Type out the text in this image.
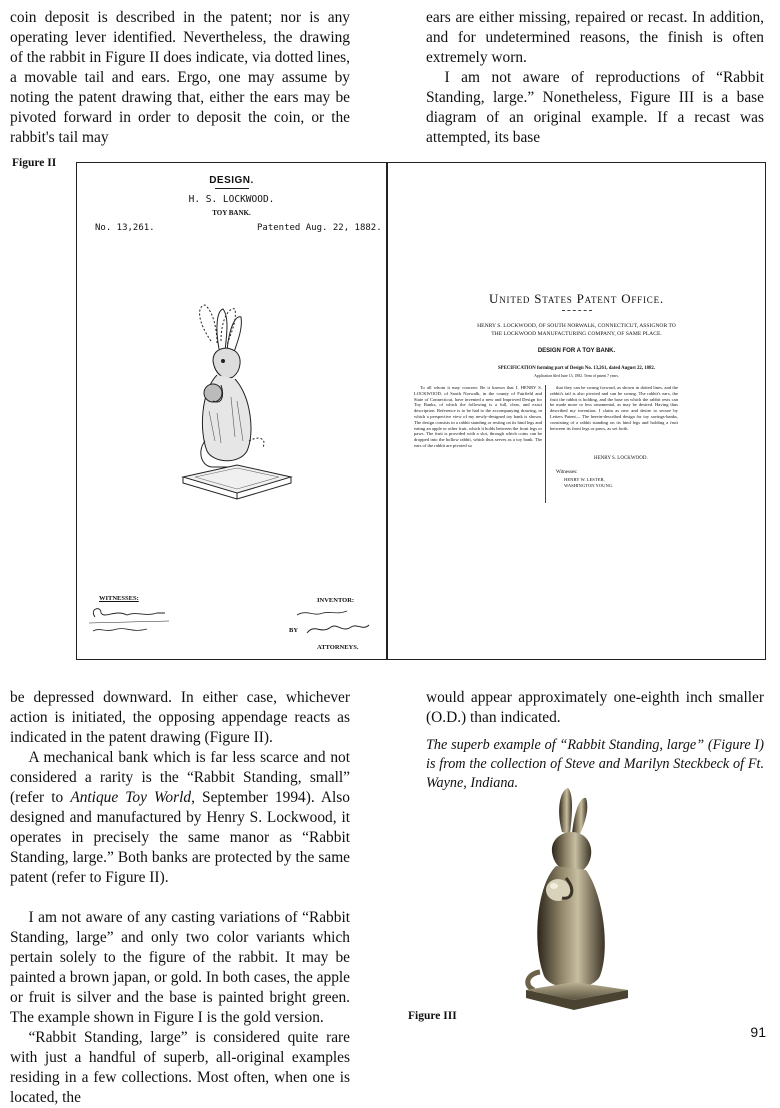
coin deposit is described in the patent; nor is any operating lever identified. Nevertheless, the drawing of the rabbit in Figure II does indicate, via dotted lines, a movable tail and ears. Ergo, one may assume by noting the patent drawing that, either the ears may be pivoted forward in order to deposit the coin, or the rabbit's tail may

ears are either missing, repaired or recast. In addition, and for undetermined reasons, the finish is often extremely worn.

I am not aware of reproductions of “Rabbit Standing, large.” Nonetheless, Figure III is a base diagram of an original example. If a recast was attempted, its base

Figure II
DESIGN.
H. S. LOCKWOOD.
TOY BANK.
No. 13,261.	Patented Aug. 22, 1882.
WITNESSES:	INVENTOR:
BY
ATTORNEYS.
United States Patent Office.
HENRY S. LOCKWOOD, OF SOUTH NORWALK, CONNECTICUT, ASSIGNOR TO
THE LOCKWOOD MANUFACTURING COMPANY, OF SAME PLACE.
DESIGN FOR A TOY BANK.
SPECIFICATION forming part of Design No. 13,261, dated August 22, 1882.
Application filed June 13, 1882. Term of patent 7 years.

To all whom it may concern: Be it known that I, HENRY S. LOCKWOOD, of South Norwalk, in the county of Fairfield and State of Connecticut, have invented a new and Improved Design for Toy Banks, of which the following is a full, clear, and exact description. Reference is to be had to the accompanying drawing, in which a perspective view of my newly-designed toy bank is shown. The design consists in a rabbit standing or resting on its hind legs and eating an apple or other fruit, which it holds between the front legs or paws. The fruit is provided with a slot, through which coins can be dropped into the hollow rabbit, which thus serves as a toy bank. The ears of the rabbit are pivoted so

that they can be swung forward, as shown in dotted lines, and the rabbit's tail is also pivoted and can be swung. The rabbit's ears, the fruit the rabbit is holding, and the base on which the rabbit rests can be made more or less ornamental, as may be desired. Having thus described my invention, I claim as new and desire to secure by Letters Patent— The herein-described design for toy savings-banks, consisting of a rabbit standing on its hind legs and holding a fruit between its front legs or paws, as set forth.

HENRY S. LOCKWOOD.
Witnesses:
HENRY W. LESTER,
WASHINGTON YOUNG.

be depressed downward. In either case, whichever action is initiated, the opposing appendage reacts as indicated in the patent drawing (Figure II).

A mechanical bank which is far less scarce and not considered a rarity is the “Rabbit Standing, small” (refer to Antique Toy World, September 1994). Also designed and manufactured by Henry S. Lockwood, it operates in precisely the same manor as “Rabbit Standing, large.” Both banks are protected by the same patent (refer to Figure II).

I am not aware of any casting variations of “Rabbit Standing, large” and only two color variants which pertain solely to the figure of the rabbit. It may be painted a brown japan, or gold. In both cases, the apple or fruit is silver and the base is painted bright green. The example shown in Figure I is the gold version.

“Rabbit Standing, large” is considered quite rare with just a handful of superb, all-original examples residing in a few collections. Most often, when one is located, the

would appear approximately one-eighth inch smaller (O.D.) than indicated.

The superb example of “Rabbit Standing, large” (Figure I) is from the collection of Steve and Marilyn Steckbeck of Ft. Wayne, Indiana.

Figure III
91
